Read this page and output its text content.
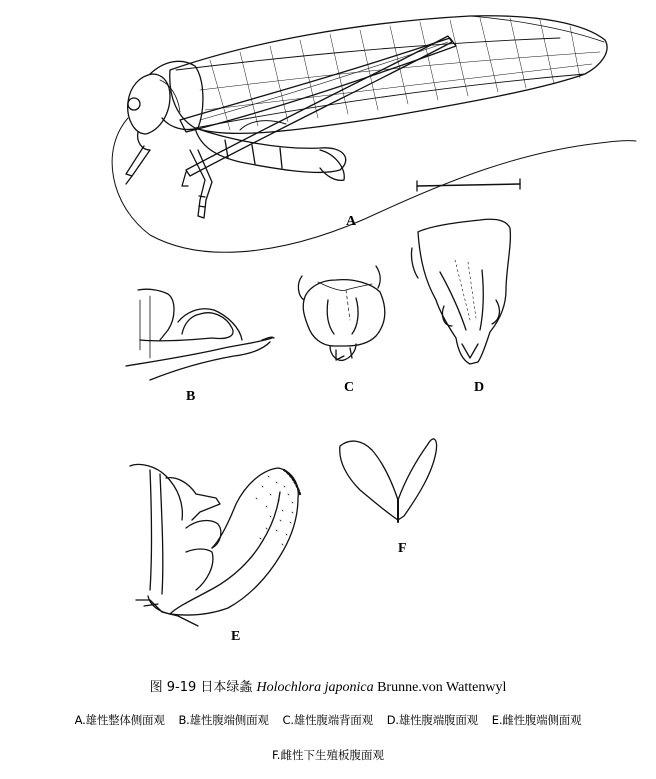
A
B
C	D
E
F
图 9-19 日本绿螽 Holochlora japonica Brunne.von Wattenwyl
A.雄性整体侧面观    B.雄性腹端侧面观    C.雄性腹端背面观    D.雄性腹端腹面观    E.雌性腹端侧面观
F.雌性下生殖板腹面观
